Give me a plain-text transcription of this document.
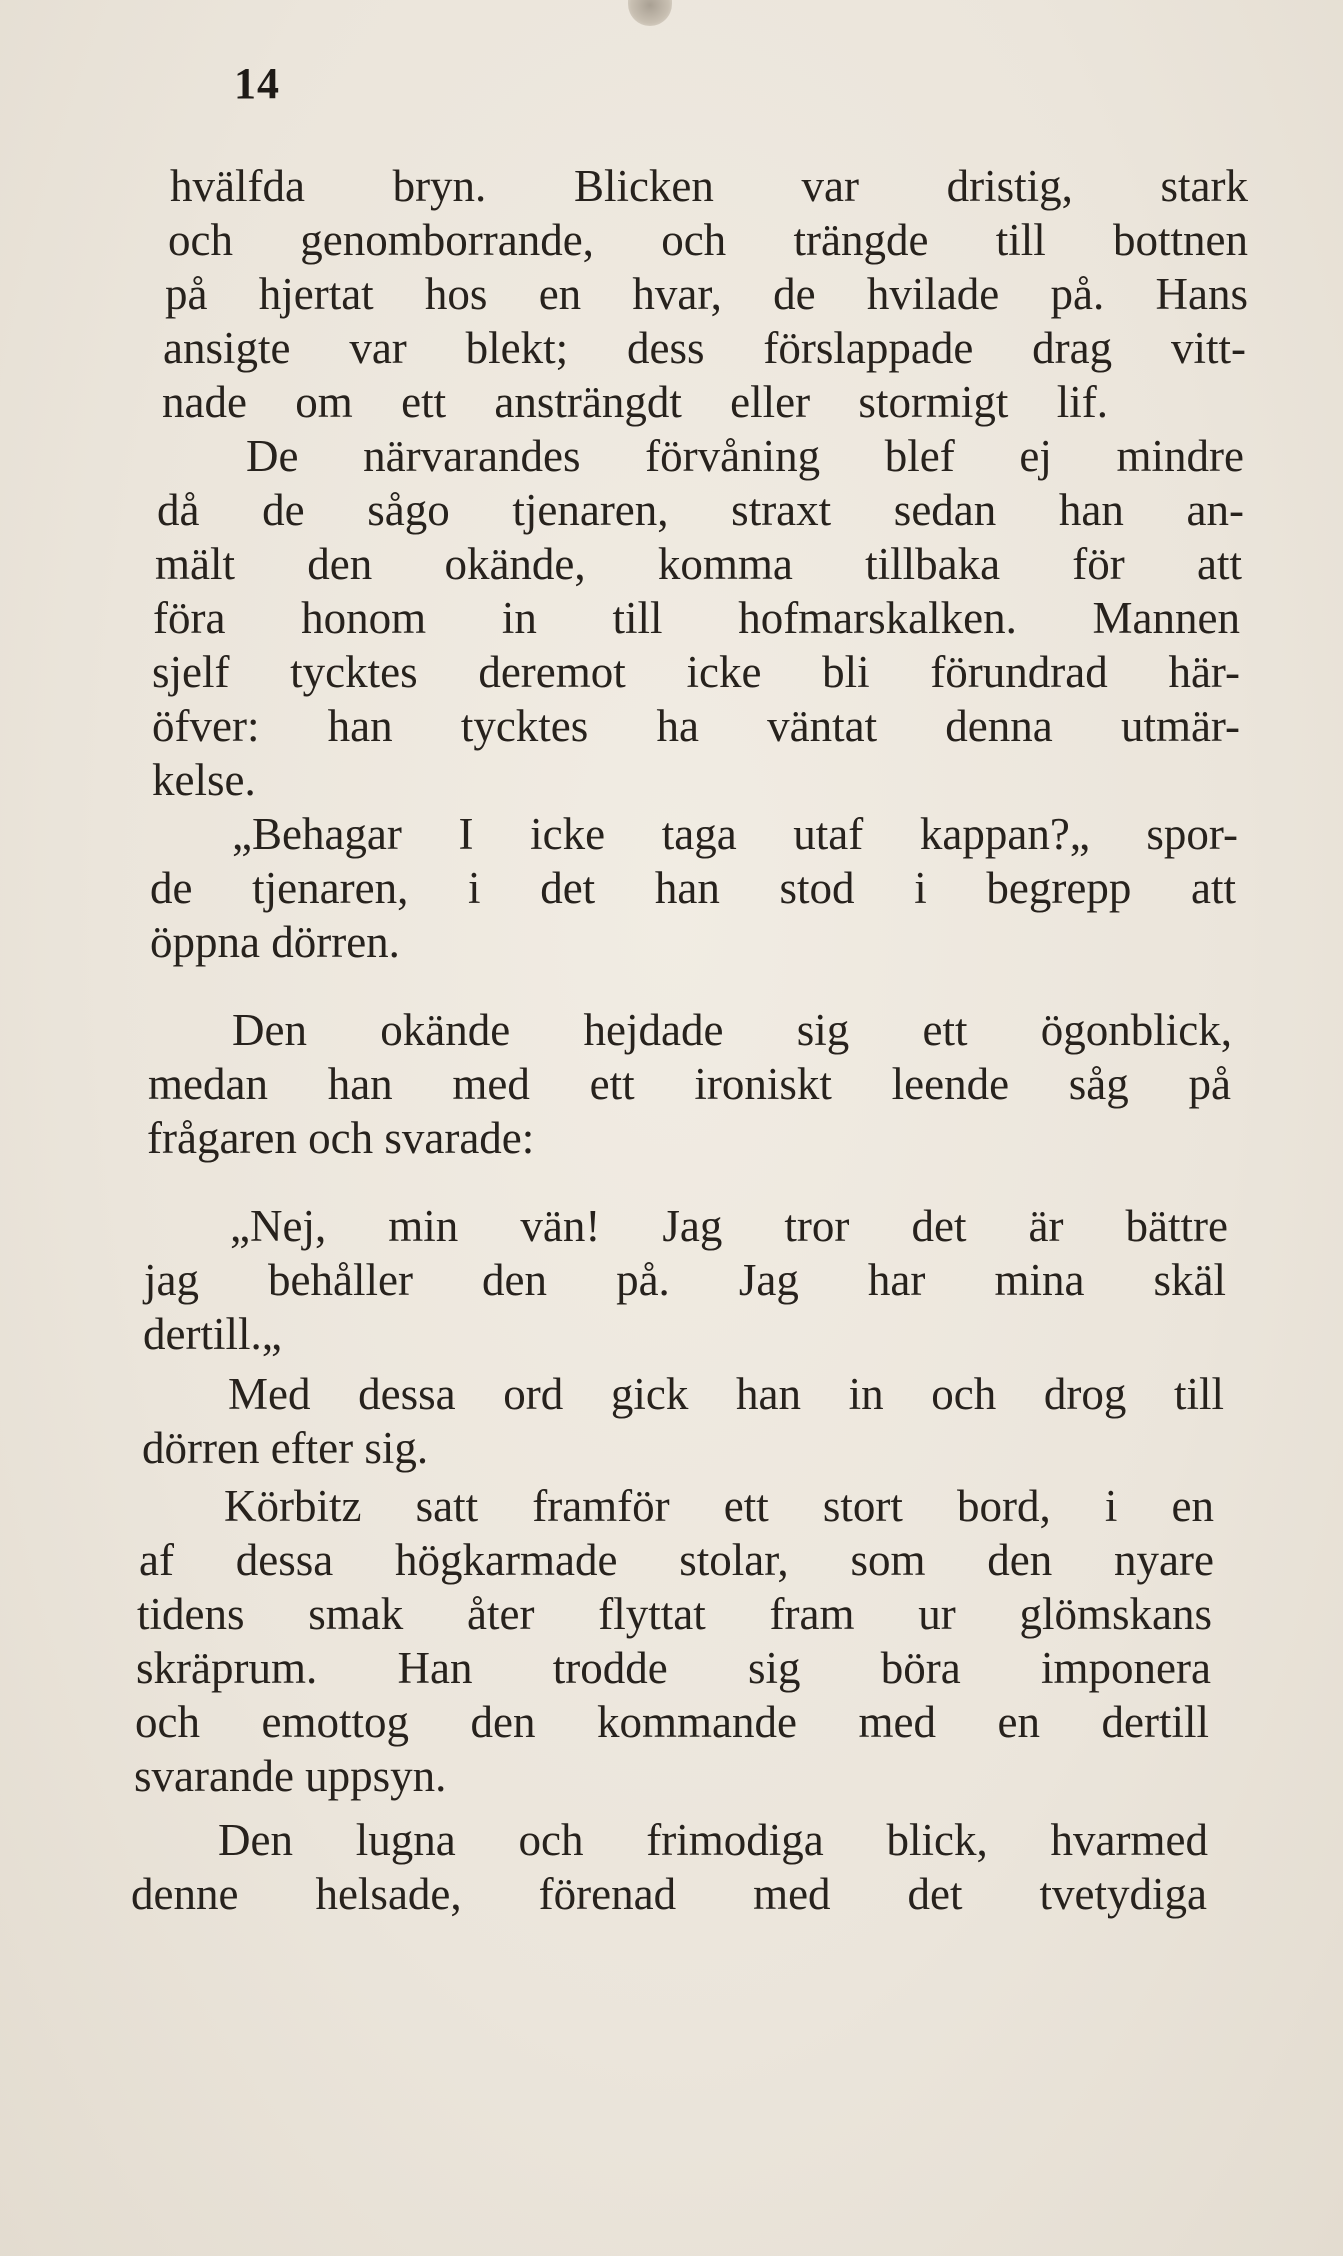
14
hvälfda bryn. Blicken var dristig, stark
och genomborrande, och trängde till bottnen
på hjertat hos en hvar, de hvilade på. Hans
ansigte var blekt; dess förslappade drag vitt-
nade om ett ansträngdt eller stormigt lif.
De närvarandes förvåning blef ej mindre
då de sågo tjenaren, straxt sedan han an-
mält den okände, komma tillbaka för att
föra honom in till hofmarskalken. Mannen
sjelf tycktes deremot icke bli förundrad här-
öfver: han tycktes ha väntat denna utmär-
kelse.
„Behagar I icke taga utaf kappan?„ spor-
de tjenaren, i det han stod i begrepp att
öppna dörren.
Den okände hejdade sig ett ögonblick,
medan han med ett ironiskt leende såg på
frågaren och svarade:
„Nej, min vän! Jag tror det är bättre
jag behåller den på. Jag har mina skäl
dertill.„
Med dessa ord gick han in och drog till
dörren efter sig.
Körbitz satt framför ett stort bord, i en
af dessa högkarmade stolar, som den nyare
tidens smak åter flyttat fram ur glömskans
skräprum. Han trodde sig böra imponera
och emottog den kommande med en dertill
svarande uppsyn.
Den lugna och frimodiga blick, hvarmed
denne helsade, förenad med det tvetydiga
